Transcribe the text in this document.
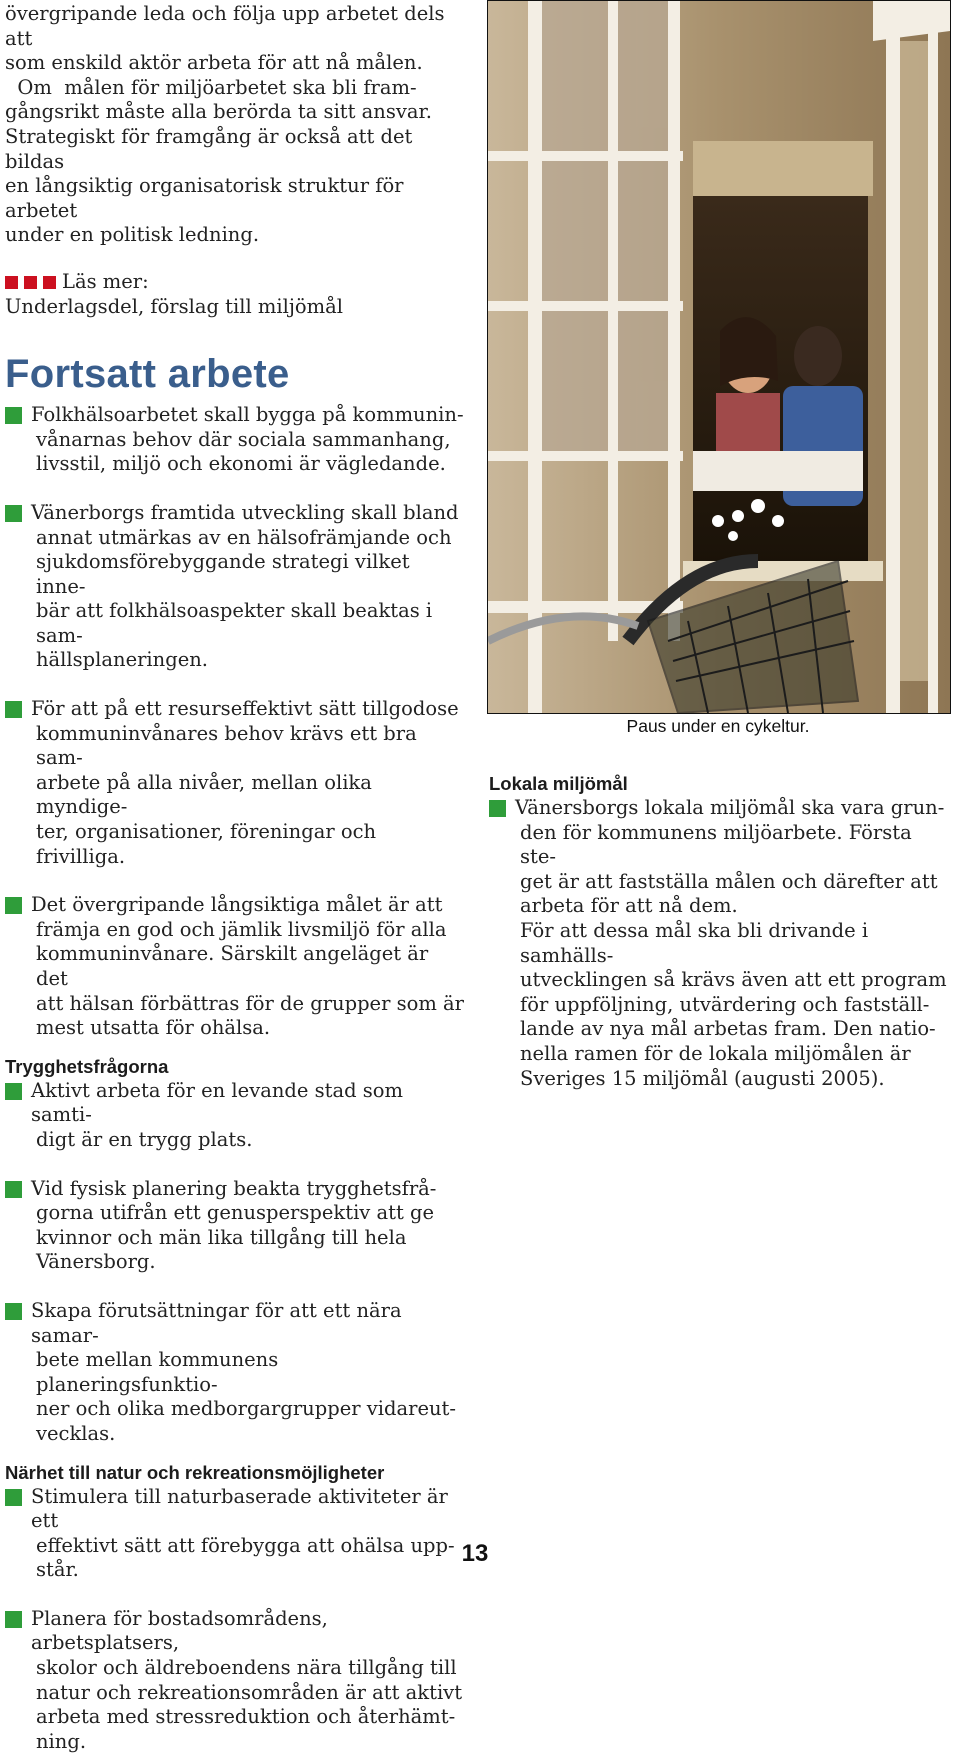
övergripande leda och följa upp arbetet dels att

som enskild aktör arbeta för att nå målen.

Om  målen för miljöarbetet ska bli fram-

gångsrikt måste alla berörda ta sitt ansvar.

Strategiskt för framgång är också att det bildas

en långsiktig organisatorisk struktur för arbetet

under en politisk ledning.

Läs mer:

Underlagsdel, förslag till miljömål

Fortsatt arbete
Folkhälsoarbetet skall bygga på kommunin-
vånarnas behov där sociala sammanhang,
livsstil, miljö och ekonomi är vägledande.
Vänerborgs framtida utveckling skall bland
annat utmärkas av en hälsofrämjande och
sjukdomsförebyggande strategi vilket inne-
bär att folkhälsoaspekter skall beaktas i sam-
hällsplaneringen.
För att på ett resurseffektivt sätt tillgodose
kommuninvånares behov krävs ett bra sam-
arbete på alla nivåer, mellan olika myndige-
ter, organisationer, föreningar och frivilliga.
Det övergripande långsiktiga målet är att
främja en god och jämlik livsmiljö för alla
kommuninvånare. Särskilt angeläget är det
att hälsan förbättras för de grupper som är
mest utsatta för ohälsa.
Trygghetsfrågorna
Aktivt arbeta för en levande stad som samti-
digt är en trygg plats.
Vid fysisk planering beakta trygghetsfrå-
gorna utifrån ett genusperspektiv att ge
kvinnor och män lika tillgång till hela
Vänersborg.
Skapa förutsättningar för att ett nära samar-
bete mellan kommunens planeringsfunktio-
ner och olika medborgargrupper vidareut-
vecklas.
Närhet till natur och rekreationsmöjligheter
Stimulera till naturbaserade aktiviteter är ett
effektivt sätt att förebygga att ohälsa upp-
står.
Planera för bostadsområdens, arbetsplatsers,
skolor och äldreboendens nära tillgång till
natur och rekreationsområden är att aktivt
arbeta med stressreduktion och återhämt-
ning.
Paus under en cykeltur.
Lokala miljömål
Vänersborgs lokala miljömål ska vara grun-

den för kommunens miljöarbete. Första ste-

get är att fastställa målen och därefter att

arbeta för att nå dem.

För att dessa mål ska bli drivande i samhälls-

utvecklingen så krävs även att ett program

för uppföljning, utvärdering och fastställ-

lande av nya mål arbetas fram. Den natio-

nella ramen för de lokala miljömålen är

Sveriges 15 miljömål (augusti 2005).

13
